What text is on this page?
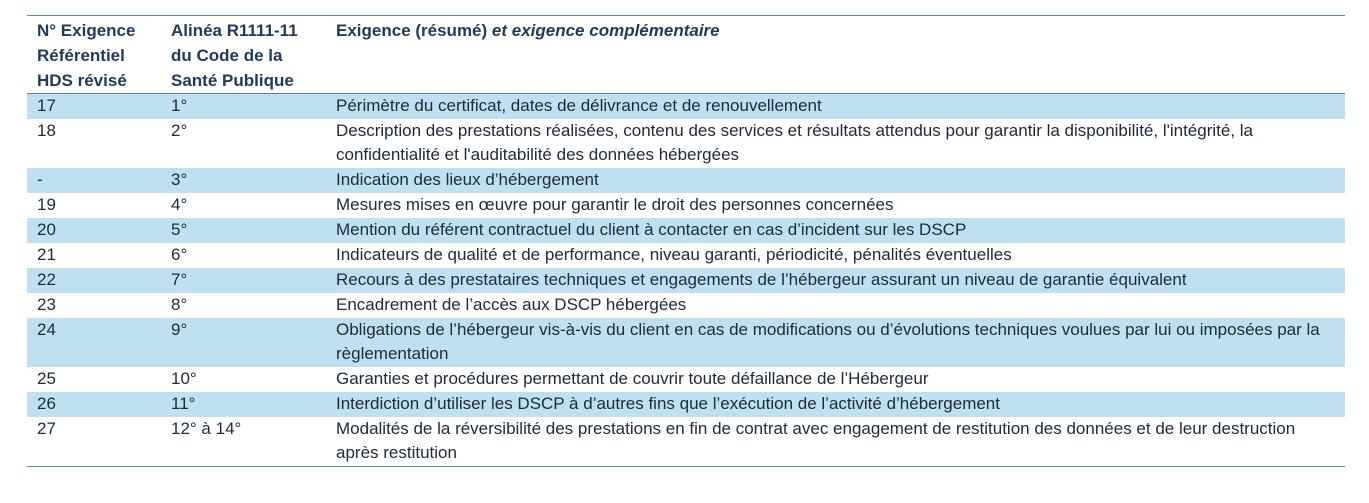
N° Exigence Référentiel HDS révisé	Alinéa R1111-11 du Code de la Santé Publique	Exigence (résumé) et exigence complémentaire
17	1°	Périmètre du certificat, dates de délivrance et de renouvellement
18	2°	Description des prestations réalisées, contenu des services et résultats attendus pour garantir la disponibilité, l'intégrité, la confidentialité et l'auditabilité des données hébergées
-	3°	Indication des lieux d’hébergement
19	4°	Mesures mises en œuvre pour garantir le droit des personnes concernées
20	5°	Mention du référent contractuel du client à contacter en cas d’incident sur les DSCP
21	6°	Indicateurs de qualité et de performance, niveau garanti, périodicité, pénalités éventuelles
22	7°	Recours à des prestataires techniques et engagements de l’hébergeur assurant un niveau de garantie équivalent
23	8°	Encadrement de l’accès aux DSCP hébergées
24	9°	Obligations de l’hébergeur vis-à-vis du client en cas de modifications ou d’évolutions techniques voulues par lui ou imposées par la règlementation
25	10°	Garanties et procédures permettant de couvrir toute défaillance de l’Hébergeur
26	11°	Interdiction d’utiliser les DSCP à d’autres fins que l’exécution de l’activité d’hébergement
27	12° à 14°	Modalités de la réversibilité des prestations en fin de contrat avec engagement de restitution des données et de leur destruction après restitution
